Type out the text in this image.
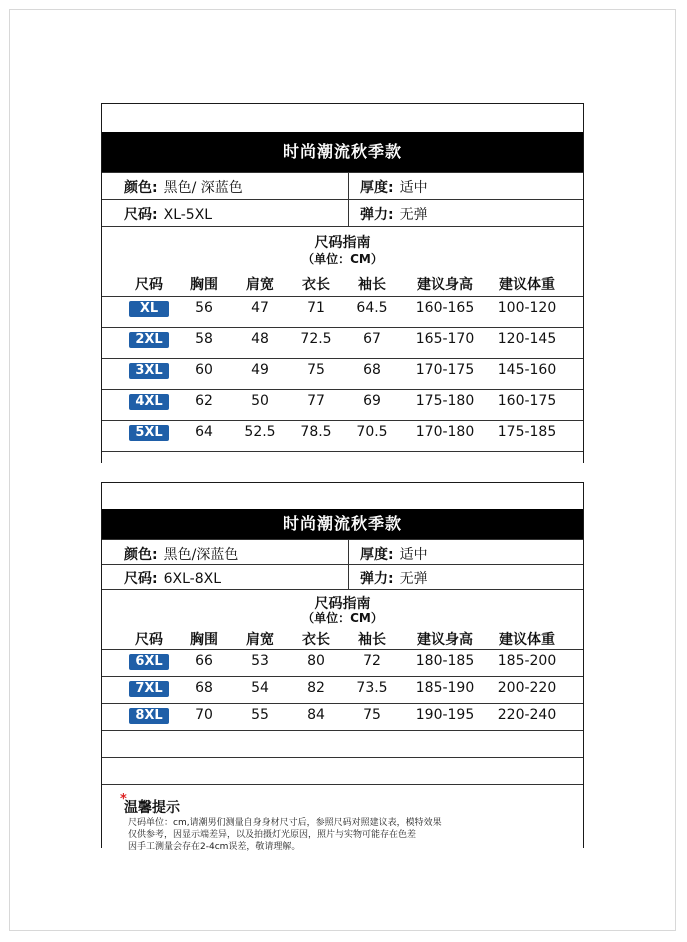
时尚潮流秋季款
颜色: 黑色/ 深蓝色	厚度: 适中
尺码: XL-5XL	弹力: 无弹
尺码指南
（单位：CM）
尺码	胸围	肩宽	衣长	袖长	建议身高	建议体重
XL	56	47	71	64.5	160-165	100-120
2XL	58	48	72.5	67	165-170	120-145
3XL	60	49	75	68	170-175	145-160
4XL	62	50	77	69	175-180	160-175
5XL	64	52.5	78.5	70.5	170-180	175-185
时尚潮流秋季款
颜色: 黑色/深蓝色	厚度: 适中
尺码: 6XL-8XL	弹力: 无弹
尺码指南
（单位：CM）
尺码	胸围	肩宽	衣长	袖长	建议身高	建议体重
6XL	66	53	80	72	180-185	185-200
7XL	68	54	82	73.5	185-190	200-220
8XL	70	55	84	75	190-195	220-240
*
温馨提示
尺码单位：cm,请潮男们测量自身身材尺寸后，参照尺码对照建议表，模特效果
仅供参考，因显示端差异，以及拍摄灯光原因，照片与实物可能存在色差
因手工测量会存在2-4cm误差，敬请理解。
